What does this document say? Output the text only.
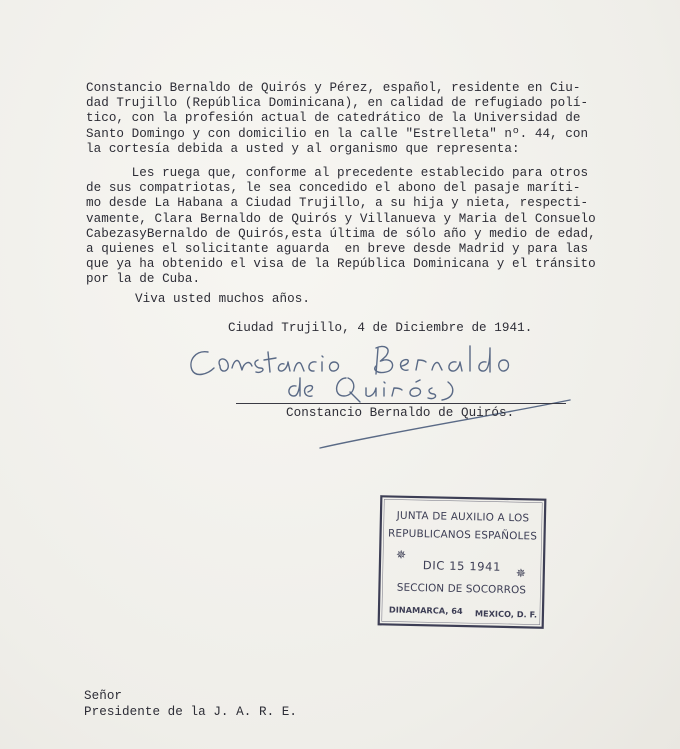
Constancio Bernaldo de Quirós y Pérez, español, residente en Ciu-
dad Trujillo (República Dominicana), en calidad de refugiado polí-
tico, con la profesión actual de catedrático de la Universidad de
Santo Domingo y con domicilio en la calle "Estrelleta" nº. 44, con
la cortesía debida a usted y al organismo que representa:
Les ruega que, conforme al precedente establecido para otros
de sus compatriotas, le sea concedido el abono del pasaje maríti-
mo desde La Habana a Ciudad Trujillo, a su hija y nieta, respecti-
vamente, Clara Bernaldo de Quirós y Villanueva y Maria del Consuelo
CabezasyBernaldo de Quirós,esta última de sólo año y medio de edad,
a quienes el solicitante aguarda  en breve desde Madrid y para las
que ya ha obtenido el visa de la República Dominicana y el tránsito
por la de Cuba.
Viva usted muchos años.
Ciudad Trujillo, 4 de Diciembre de 1941.
Constancio Bernaldo de Quirós.
JUNTA DE AUXILIO A LOS
REPUBLICANOS ESPAÑOLES
✵
DIC 15 1941 ✵
SECCION DE SOCORROS
DINAMARCA, 64 MEXICO, D. F.
Señor
Presidente de la J. A. R. E.
